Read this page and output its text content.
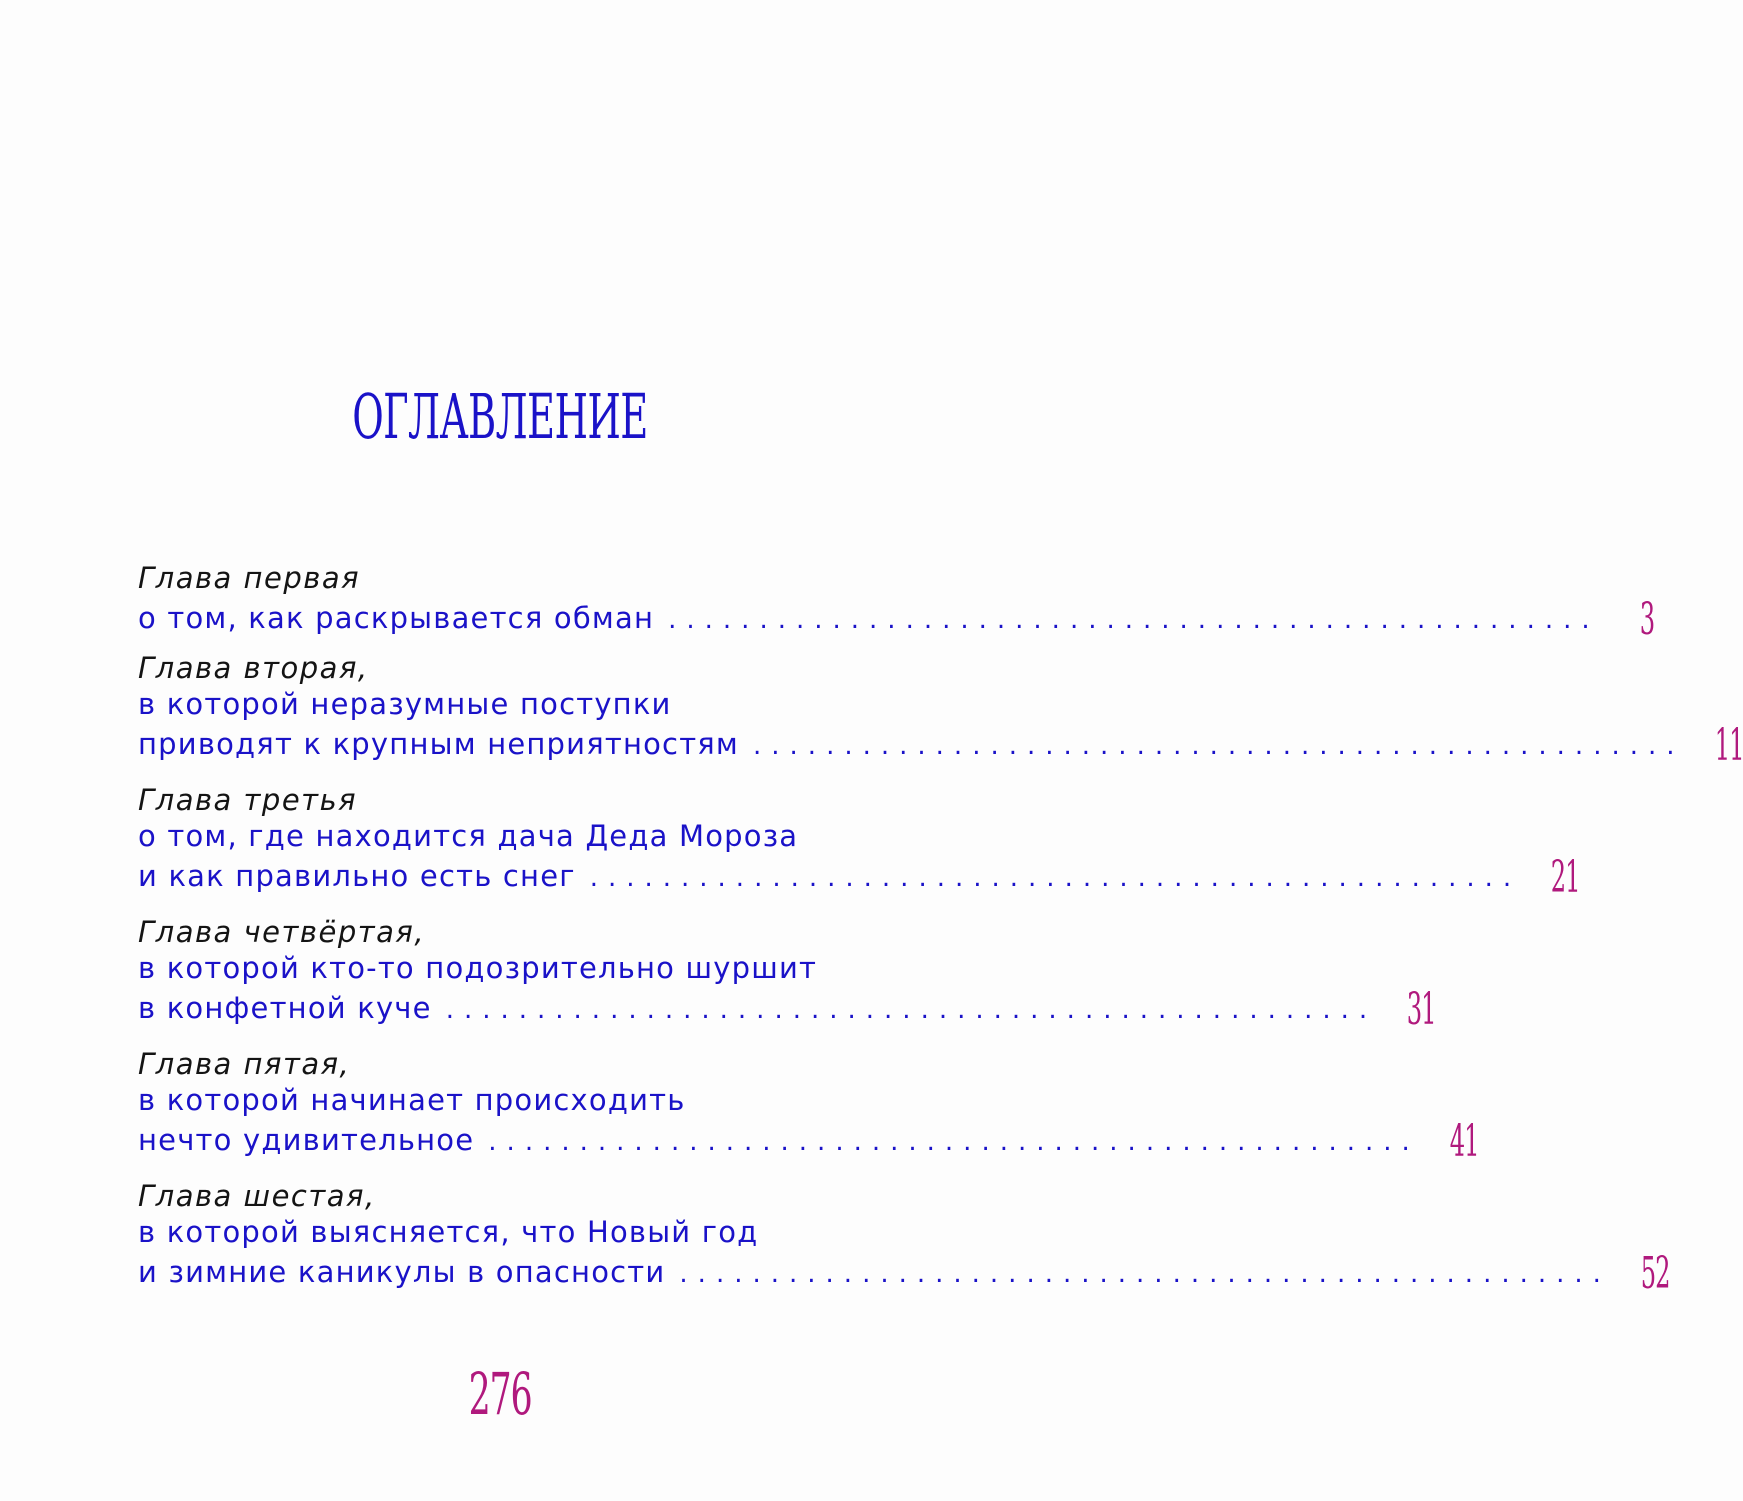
ОГЛАВЛЕНИЕ
Глава первая
о том, как раскрывается обман ................................................... 3
Глава вторая,
в которой неразумные поступки
приводят к крупным неприятностям ................................................... 11
Глава третья
о том, где находится дача Деда Мороза
и как правильно есть снег ................................................... 21
Глава четвёртая,
в которой кто-то подозрительно шуршит
в конфетной куче ................................................... 31
Глава пятая,
в которой начинает происходить
нечто удивительное ................................................... 41
Глава шестая,
в которой выясняется, что Новый год
и зимние каникулы в опасности ................................................... 52
276
